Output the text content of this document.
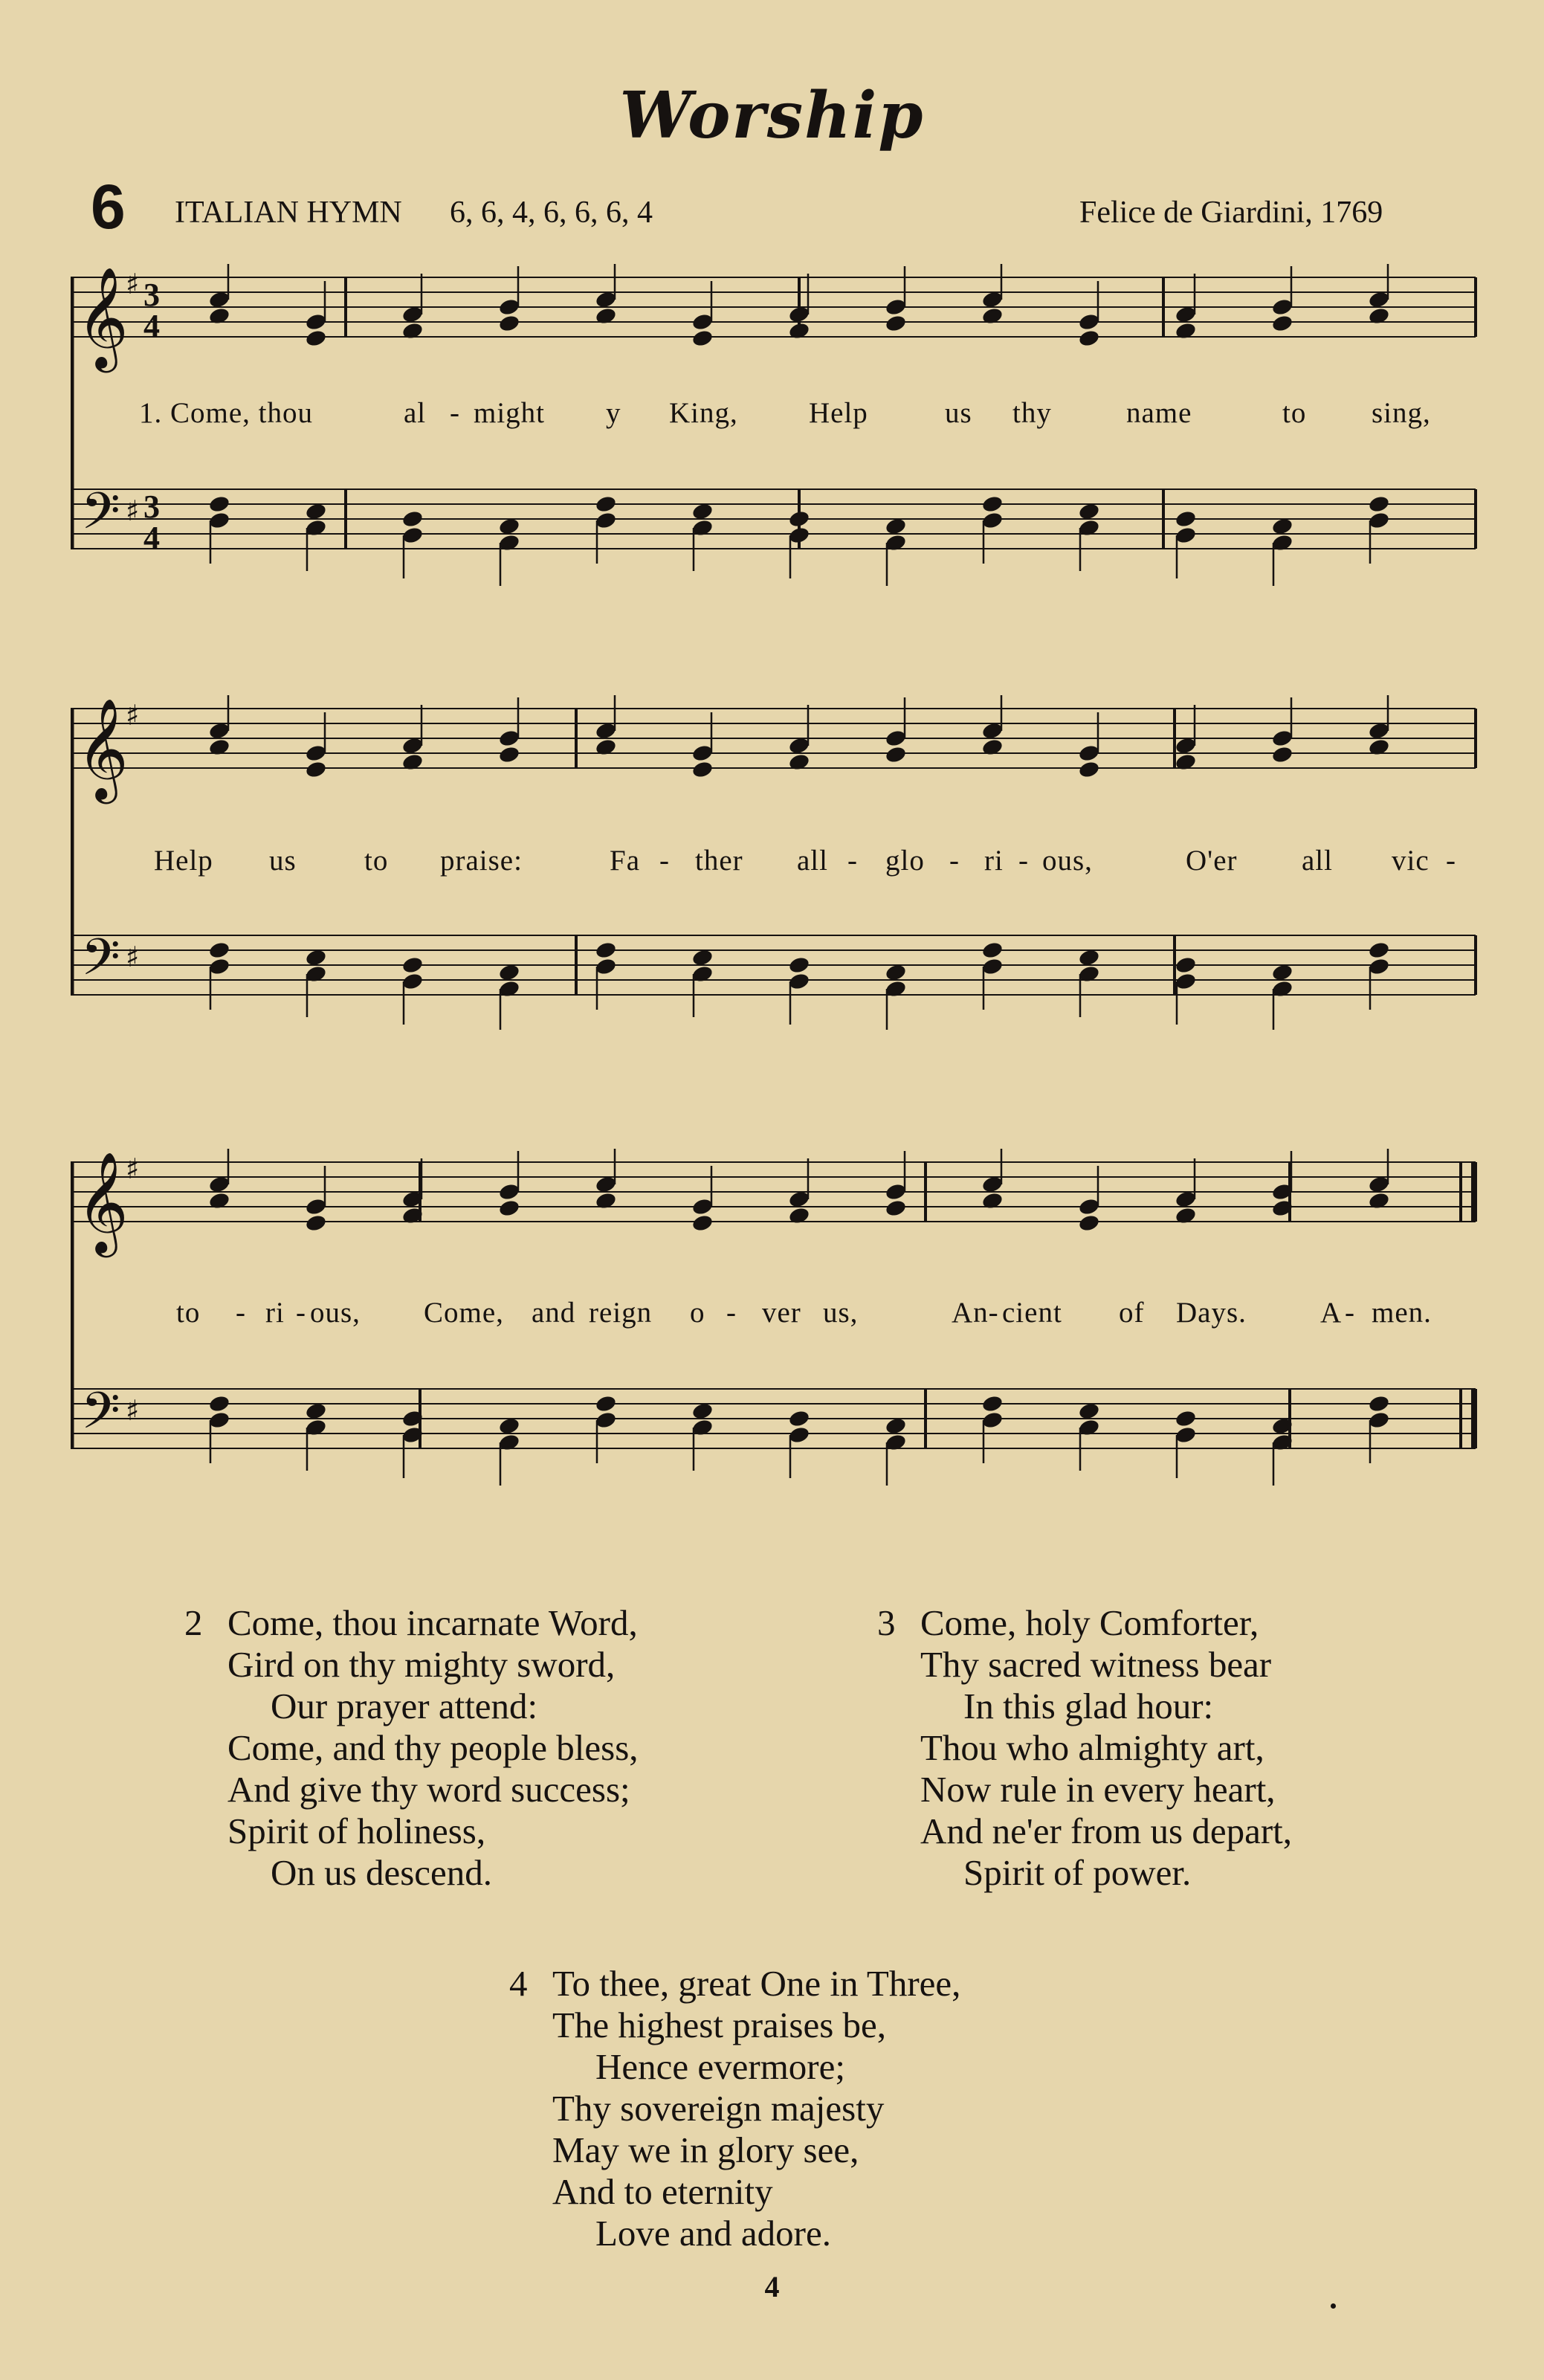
Worship
6 ITALIAN HYMN 6, 6, 4, 6, 6, 6, 4	Felice de Giardini, 1769
𝄞
𝄢
♯
♯
3
4
3
4
1. Come, thou	al - might y King, Help	us thy	name	to sing,
𝄞
𝄢
♯
♯
Help us to praise:	Fa - ther all - glo - ri - ous,	O'er all vic -
𝄞
𝄢
♯
♯
to - ri - ous, Come, and reign o - ver us,	An- cient of Days.	A - men.
2 Come, thou incarnate Word,
Gird on thy mighty sword,
Our prayer attend:
Come, and thy people bless,
And give thy word success;
Spirit of holiness,
On us descend.
3 Come, holy Comforter,
Thy sacred witness bear
In this glad hour:
Thou who almighty art,
Now rule in every heart,
And ne'er from us depart,
Spirit of power.
4 To thee, great One in Three,
The highest praises be,
Hence evermore;
Thy sovereign majesty
May we in glory see,
And to eternity
Love and adore.
4
